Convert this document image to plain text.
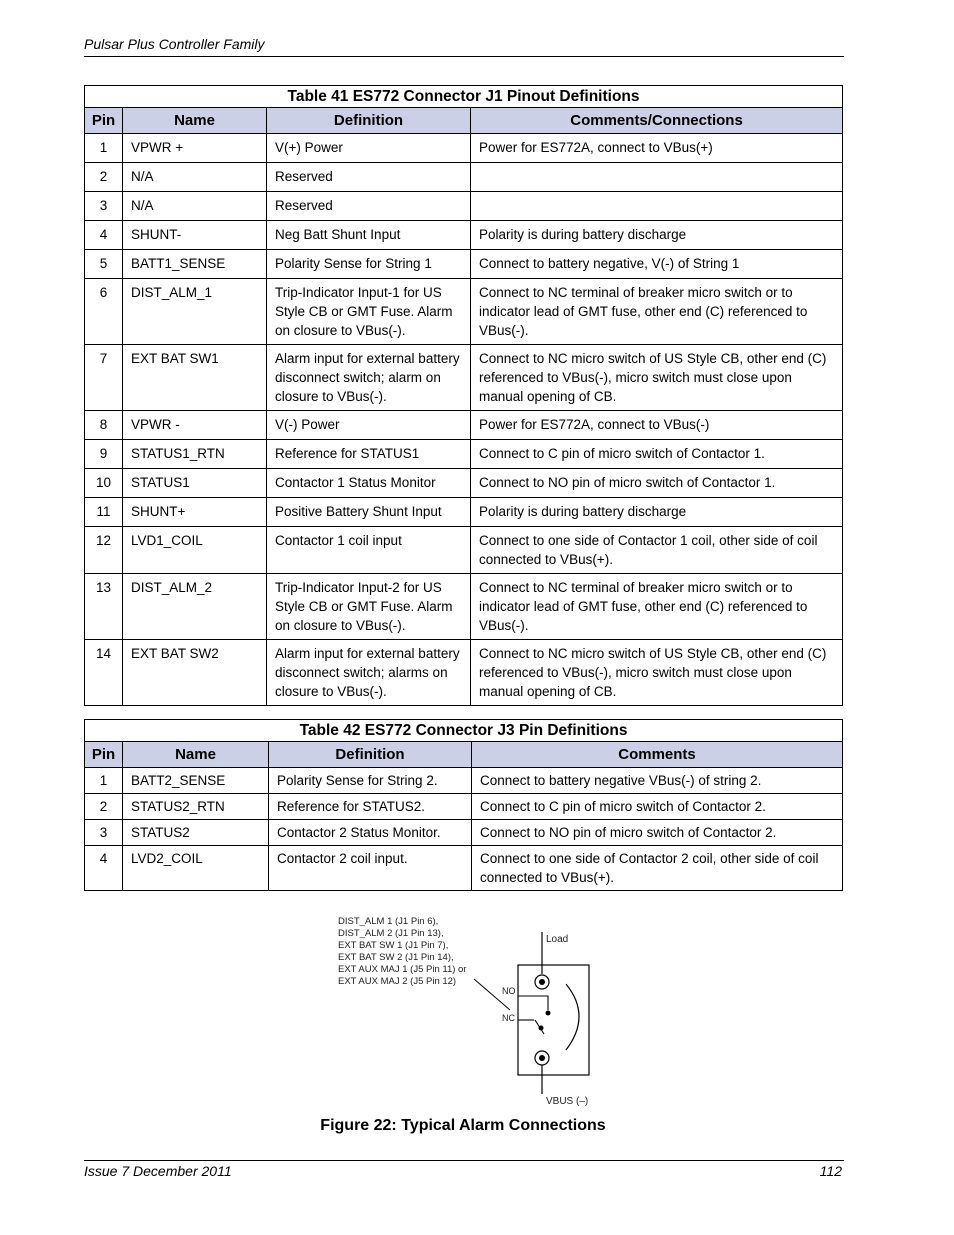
Pulsar Plus Controller Family
Table 41 ES772 Connector J1 Pinout Definitions			
Pin	Name	Definition	Comments/Connections
1	VPWR +	V(+) Power	Power for ES772A, connect to VBus(+)
2	N/A	Reserved	
3	N/A	Reserved	
4	SHUNT-	Neg Batt Shunt Input	Polarity is during battery discharge
5	BATT1_SENSE	Polarity Sense for String 1	Connect to battery negative, V(-) of String 1
6	DIST_ALM_1	Trip-Indicator Input-1 for US Style CB or GMT Fuse. Alarm on closure to VBus(-).	Connect to NC terminal of breaker micro switch or to indicator lead of GMT fuse, other end (C) referenced to VBus(-).
7	EXT BAT SW1	Alarm input for external battery disconnect switch; alarm on closure to VBus(-).	Connect to NC micro switch of US Style CB, other end (C) referenced to VBus(-), micro switch must close upon manual opening of CB.
8	VPWR -	V(-) Power	Power for ES772A, connect to VBus(-)
9	STATUS1_RTN	Reference for STATUS1	Connect to C pin of micro switch of Contactor 1.
10	STATUS1	Contactor 1 Status Monitor	Connect to NO pin of micro switch of Contactor 1.
11	SHUNT+	Positive Battery Shunt Input	Polarity is during battery discharge
12	LVD1_COIL	Contactor 1 coil input	Connect to one side of Contactor 1 coil, other side of coil connected to VBus(+).
13	DIST_ALM_2	Trip-Indicator Input-2 for US Style CB or GMT Fuse. Alarm on closure to VBus(-).	Connect to NC terminal of breaker micro switch or to indicator lead of GMT fuse, other end (C) referenced to VBus(-).
14	EXT BAT SW2	Alarm input for external battery disconnect switch; alarms on closure to VBus(-).	Connect to NC micro switch of US Style CB, other end (C) referenced to VBus(-), micro switch must close upon manual opening of CB.
Table 42 ES772 Connector J3 Pin Definitions			
Pin	Name	Definition	Comments
1	BATT2_SENSE	Polarity Sense for String 2.	Connect to battery negative VBus(-) of string 2.
2	STATUS2_RTN	Reference for STATUS2.	Connect to C pin of micro switch of Contactor 2.
3	STATUS2	Contactor 2 Status Monitor.	Connect to NO pin of micro switch of Contactor 2.
4	LVD2_COIL	Contactor 2 coil input.	Connect to one side of Contactor 2 coil, other side of coil connected to VBus(+).
DIST_ALM 1 (J1 Pin 6),
DIST_ALM 2 (J1 Pin 13),
EXT BAT SW 1 (J1 Pin 7),
EXT BAT SW 2 (J1 Pin 14),
EXT AUX MAJ 1 (J5 Pin 11) or
EXT AUX MAJ 2 (J5 Pin 12)
Load
NO
NC
VBUS (–)
Figure 22: Typical Alarm Connections
Issue 7 December 2011	112
